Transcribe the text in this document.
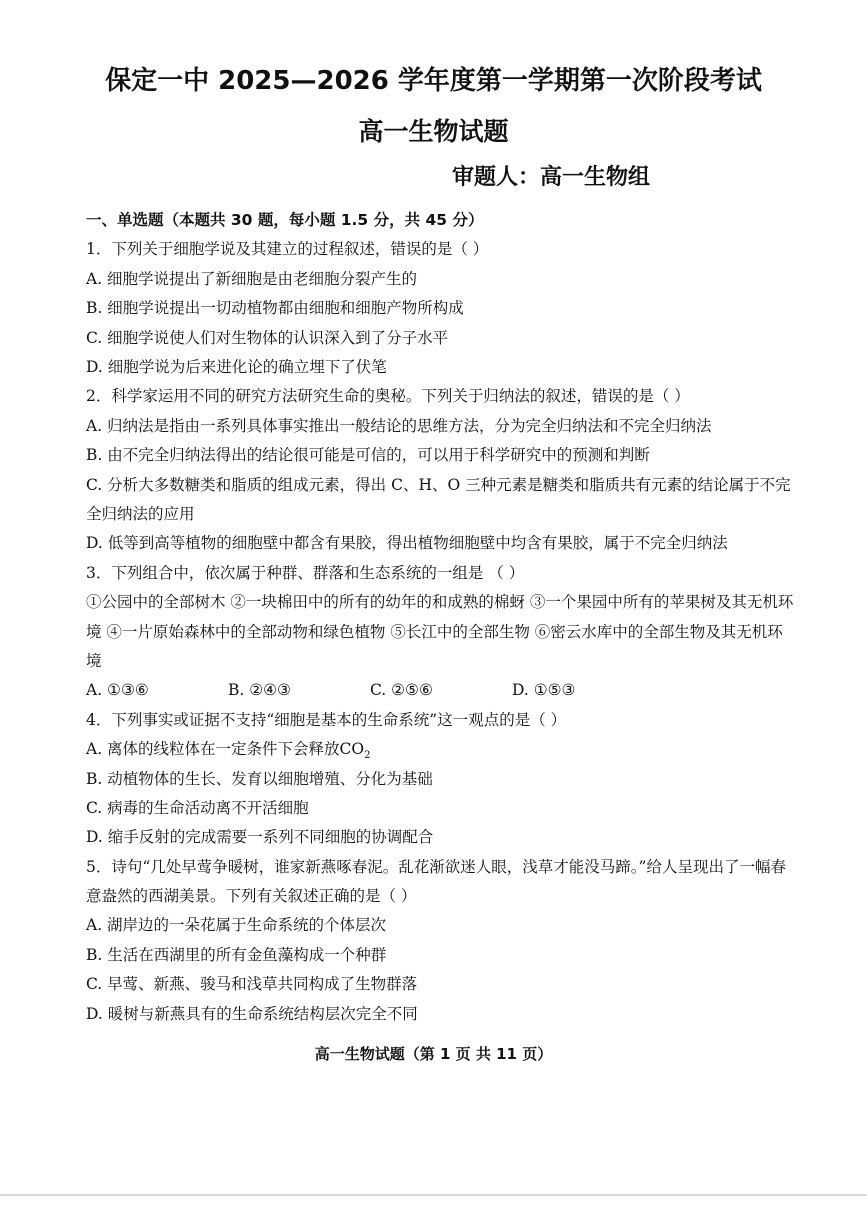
保定一中 2025—2026 学年度第一学期第一次阶段考试
高一生物试题
审题人：高一生物组
一、单选题（本题共 30 题，每小题 1.5 分，共 45 分）
1．下列关于细胞学说及其建立的过程叙述，错误的是（ ）
A. 细胞学说提出了新细胞是由老细胞分裂产生的
B. 细胞学说提出一切动植物都由细胞和细胞产物所构成
C. 细胞学说使人们对生物体的认识深入到了分子水平
D. 细胞学说为后来进化论的确立埋下了伏笔
2．科学家运用不同的研究方法研究生命的奥秘。下列关于归纳法的叙述，错误的是（ ）
A. 归纳法是指由一系列具体事实推出一般结论的思维方法，分为完全归纳法和不完全归纳法
B. 由不完全归纳法得出的结论很可能是可信的，可以用于科学研究中的预测和判断
C. 分析大多数糖类和脂质的组成元素，得出 C、H、O 三种元素是糖类和脂质共有元素的结论属于不完全归纳法的应用
D. 低等到高等植物的细胞壁中都含有果胶，得出植物细胞壁中均含有果胶，属于不完全归纳法
3．下列组合中，依次属于种群、群落和生态系统的一组是 （ ）
①公园中的全部树木 ②一块棉田中的所有的幼年的和成熟的棉蚜 ③一个果园中所有的苹果树及其无机环境 ④一片原始森林中的全部动物和绿色植物 ⑤长江中的全部生物 ⑥密云水库中的全部生物及其无机环境
A. ①③⑥	B. ②④③	C. ②⑤⑥	D. ①⑤③
4．下列事实或证据不支持“细胞是基本的生命系统”这一观点的是（ ）
A. 离体的线粒体在一定条件下会释放$CO_2$
B. 动植物体的生长、发育以细胞增殖、分化为基础
C. 病毒的生命活动离不开活细胞
D. 缩手反射的完成需要一系列不同细胞的协调配合
5．诗句“几处早莺争暖树，谁家新燕啄春泥。乱花渐欲迷人眼，浅草才能没马蹄。”给人呈现出了一幅春意盎然的西湖美景。下列有关叙述正确的是（ ）
A. 湖岸边的一朵花属于生命系统的个体层次
B. 生活在西湖里的所有金鱼藻构成一个种群
C. 早莺、新燕、骏马和浅草共同构成了生物群落
D. 暖树与新燕具有的生命系统结构层次完全不同
高一生物试题（第 1 页 共 11 页）
